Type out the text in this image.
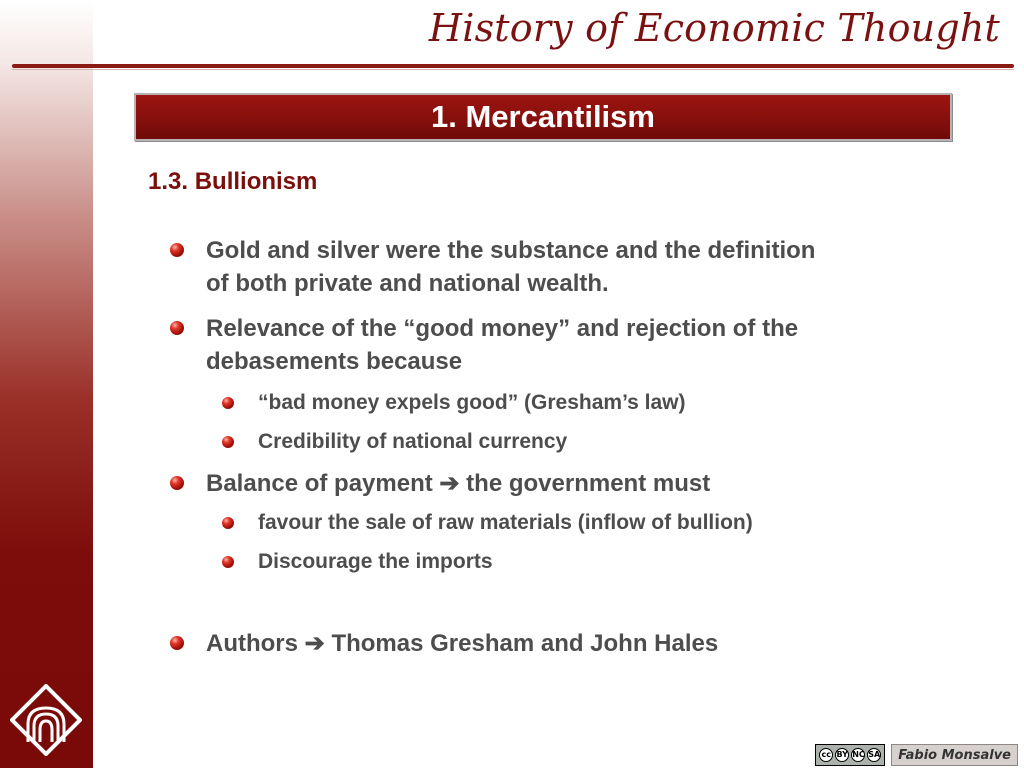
History of Economic Thought
1. Mercantilism
1.3. Bullionism
Gold and silver were the substance and the definition
of both private and national wealth.
Relevance of the “good money” and rejection of the
debasements because
“bad money expels good” (Gresham’s law)
Credibility of national currency
Balance of payment ➔ the government must
favour the sale of raw materials (inflow of bullion)
Discourage the imports
Authors ➔ Thomas Gresham and John Hales
cc BY NC SA	Fabio Monsalve
